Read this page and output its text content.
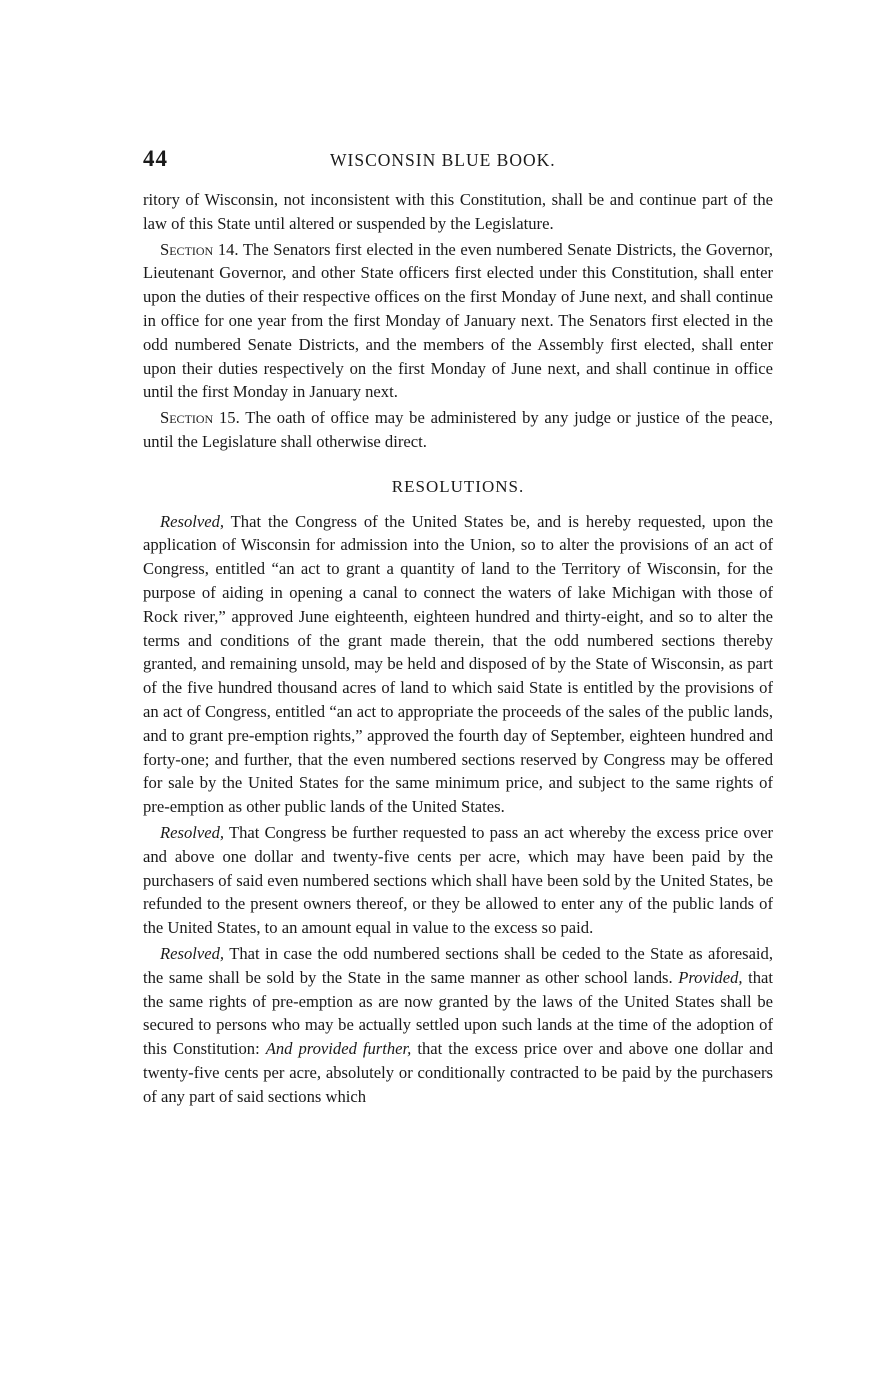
44	WISCONSIN BLUE BOOK.

ritory of Wisconsin, not inconsistent with this Constitution, shall be and continue part of the law of this State until altered or suspended by the Legislature.

Section 14. The Senators first elected in the even numbered Senate Districts, the Governor, Lieutenant Governor, and other State officers first elected under this Constitution, shall enter upon the duties of their respective offices on the first Monday of June next, and shall continue in office for one year from the first Monday of January next. The Senators first elected in the odd numbered Senate Districts, and the members of the Assembly first elected, shall enter upon their duties respectively on the first Monday of June next, and shall continue in office until the first Monday in January next.

Section 15. The oath of office may be administered by any judge or justice of the peace, until the Legislature shall otherwise direct.

RESOLUTIONS.

Resolved, That the Congress of the United States be, and is hereby requested, upon the application of Wisconsin for admission into the Union, so to alter the provisions of an act of Congress, entitled “an act to grant a quantity of land to the Territory of Wisconsin, for the purpose of aiding in opening a canal to connect the waters of lake Michigan with those of Rock river,” approved June eighteenth, eighteen hundred and thirty-eight, and so to alter the terms and conditions of the grant made therein, that the odd numbered sections thereby granted, and remaining unsold, may be held and disposed of by the State of Wisconsin, as part of the five hundred thousand acres of land to which said State is entitled by the provisions of an act of Congress, entitled “an act to appropriate the proceeds of the sales of the public lands, and to grant pre-emption rights,” approved the fourth day of September, eighteen hundred and forty-one; and further, that the even numbered sections reserved by Congress may be offered for sale by the United States for the same minimum price, and subject to the same rights of pre-emption as other public lands of the United States.

Resolved, That Congress be further requested to pass an act whereby the excess price over and above one dollar and twenty-five cents per acre, which may have been paid by the purchasers of said even numbered sections which shall have been sold by the United States, be refunded to the present owners thereof, or they be allowed to enter any of the public lands of the United States, to an amount equal in value to the excess so paid.

Resolved, That in case the odd numbered sections shall be ceded to the State as aforesaid, the same shall be sold by the State in the same manner as other school lands. Provided, that the same rights of pre-emption as are now granted by the laws of the United States shall be secured to persons who may be actually settled upon such lands at the time of the adoption of this Constitution: And provided further, that the excess price over and above one dollar and twenty-five cents per acre, absolutely or conditionally contracted to be paid by the purchasers of any part of said sections which
